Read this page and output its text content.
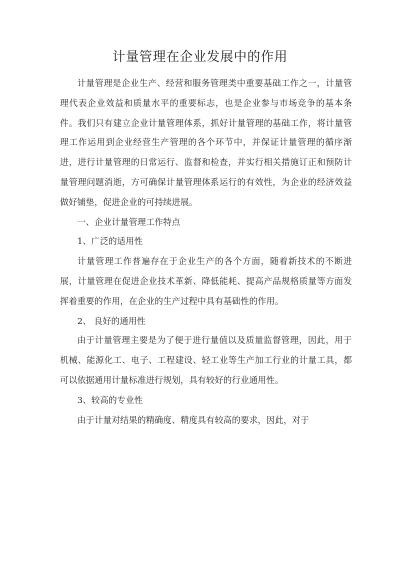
计量管理在企业发展中的作用

计量管理是企业生产、经营和服务管理类中重要基础工作之一，计量管理代表企业效益和质量水平的重要标志，也是企业参与市场竞争的基本条件。我们只有建立企业计量管理体系，抓好计量管理的基础工作，将计量管理工作运用到企业经营生产管理的各个环节中，并保证计量管理的循序渐进，进行计量管理的日常运行、监督和检查，并实行相关措施订正和预防计量管理问题消逝，方可确保计量管理体系运行的有效性，为企业的经济效益做好铺垫，促进企业的可持续进展。

一、企业计量管理工作特点

1、广泛的适用性

计量管理工作普遍存在于企业生产的各个方面，随着新技术的不断进展，计量管理在促进企业技术革新、降低能耗、提高产品规格质量等方面发挥着重要的作用，在企业的生产过程中具有基础性的作用。

2、 良好的通用性

由于计量管理主要是为了便于进行量值以及质量监督管理，因此，用于机械、能源化工、电子、工程建设、轻工业等生产加工行业的计量工具，都可以依据通用计量标准进行规划，具有较好的行业通用性。

3、较高的专业性

由于计量对结果的精确度、精度具有较高的要求，因此，对于
